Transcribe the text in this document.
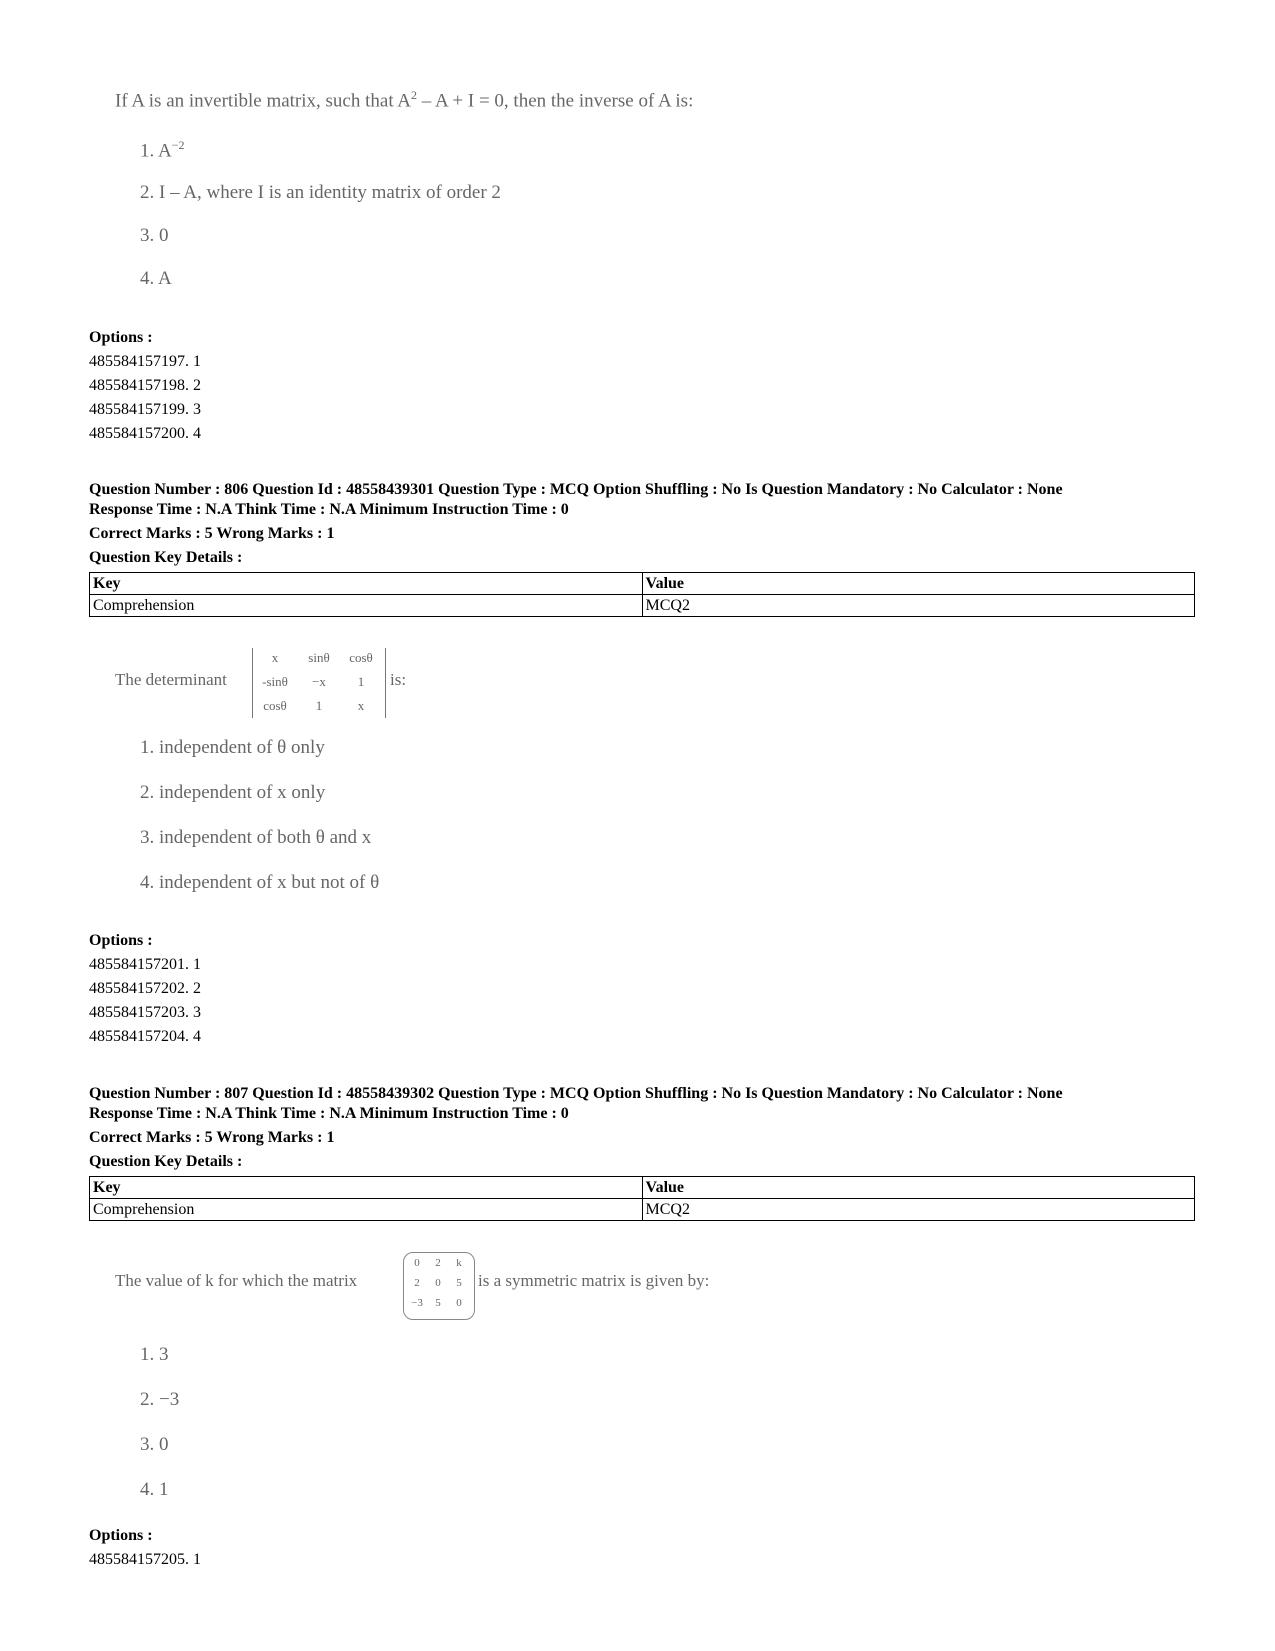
If A is an invertible matrix, such that $A^2 - A + I = 0$, then the inverse of A is:
1. $A^{-2}$
2. I – A, where I is an identity matrix of order 2
3. 0
4. A
Options :
485584157197. 1
485584157198. 2
485584157199. 3
485584157200. 4
Question Number : 806 Question Id : 48558439301 Question Type : MCQ Option Shuffling : No Is Question Mandatory : No Calculator : None
Response Time : N.A Think Time : N.A Minimum Instruction Time : 0
Correct Marks : 5 Wrong Marks : 1
Question Key Details :
Key	Value
Comprehension	MCQ2
The determinant
x	sinθ	cosθ
-sinθ	−x	1
cosθ	1	x
is:
1. independent of θ only
2. independent of x only
3. independent of both θ and x
4. independent of x but not of θ
Options :
485584157201. 1
485584157202. 2
485584157203. 3
485584157204. 4
Question Number : 807 Question Id : 48558439302 Question Type : MCQ Option Shuffling : No Is Question Mandatory : No Calculator : None
Response Time : N.A Think Time : N.A Minimum Instruction Time : 0
Correct Marks : 5 Wrong Marks : 1
Question Key Details :
Key	Value
Comprehension	MCQ2
The value of k for which the matrix
0	2	k
2	0	5
−3	5	0
is a symmetric matrix is given by:
1. 3
2. −3
3. 0
4. 1
Options :
485584157205. 1
